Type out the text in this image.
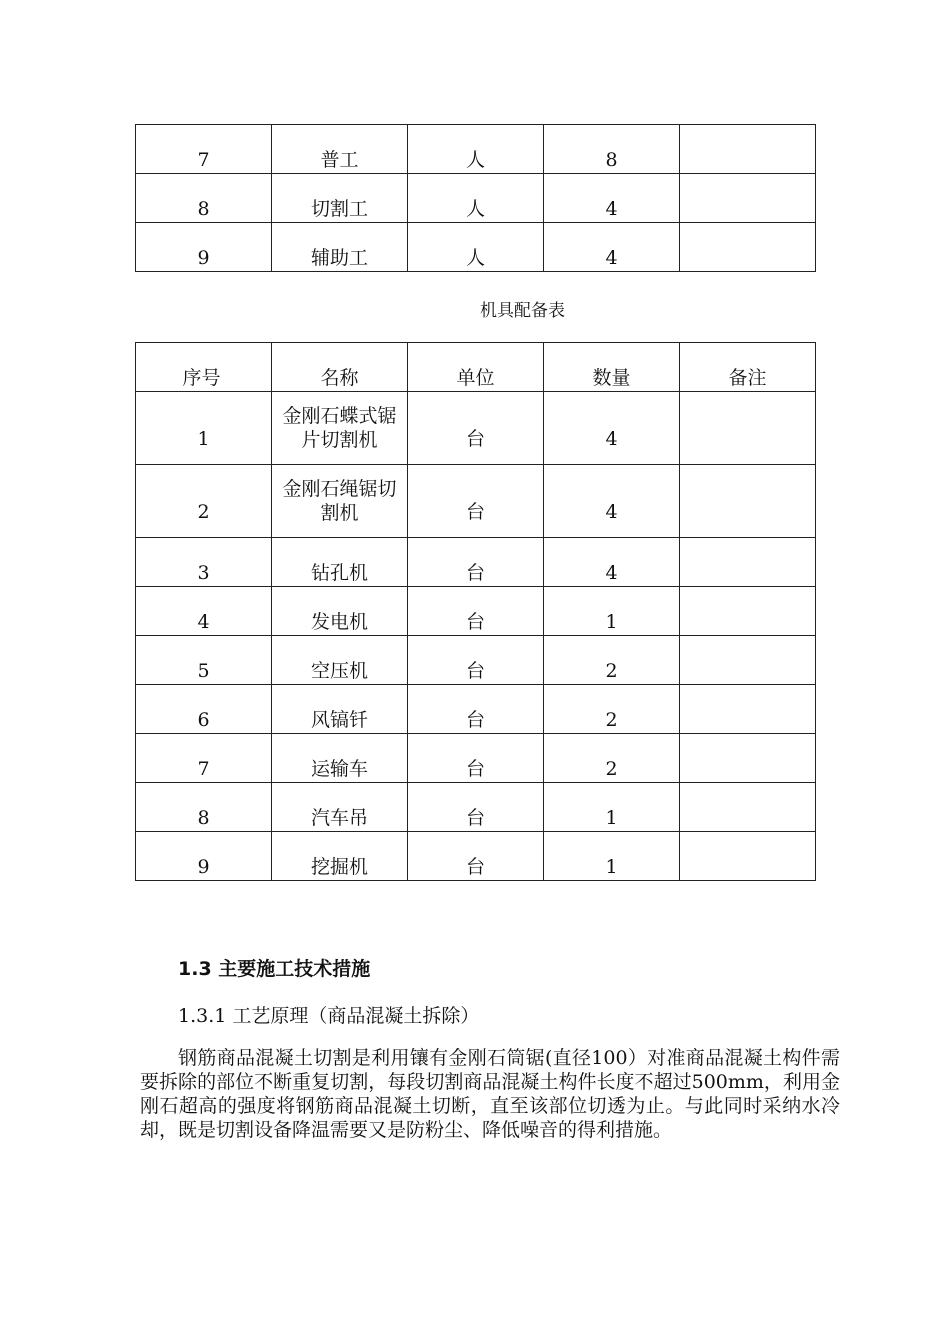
7	普工	人	8	
8	切割工	人	4	
9	辅助工	人	4	
机具配备表
序号	名称	单位	数量	备注
1	金刚石蝶式锯片切割机	台	4	
2	金刚石绳锯切割机	台	4	
3	钻孔机	台	4	
4	发电机	台	1	
5	空压机	台	2	
6	风镐钎	台	2	
7	运输车	台	2	
8	汽车吊	台	1	
9	挖掘机	台	1	
1.3 主要施工技术措施
1.3.1 工艺原理（商品混凝土拆除）

钢筋商品混凝土切割是利用镶有金刚石筒锯(直径100）对准商品混凝土构件需要拆除的部位不断重复切割，每段切割商品混凝土构件长度不超过500mm，利用金刚石超高的强度将钢筋商品混凝土切断，直至该部位切透为止。与此同时采纳水冷却，既是切割设备降温需要又是防粉尘、降低噪音的得利措施。
